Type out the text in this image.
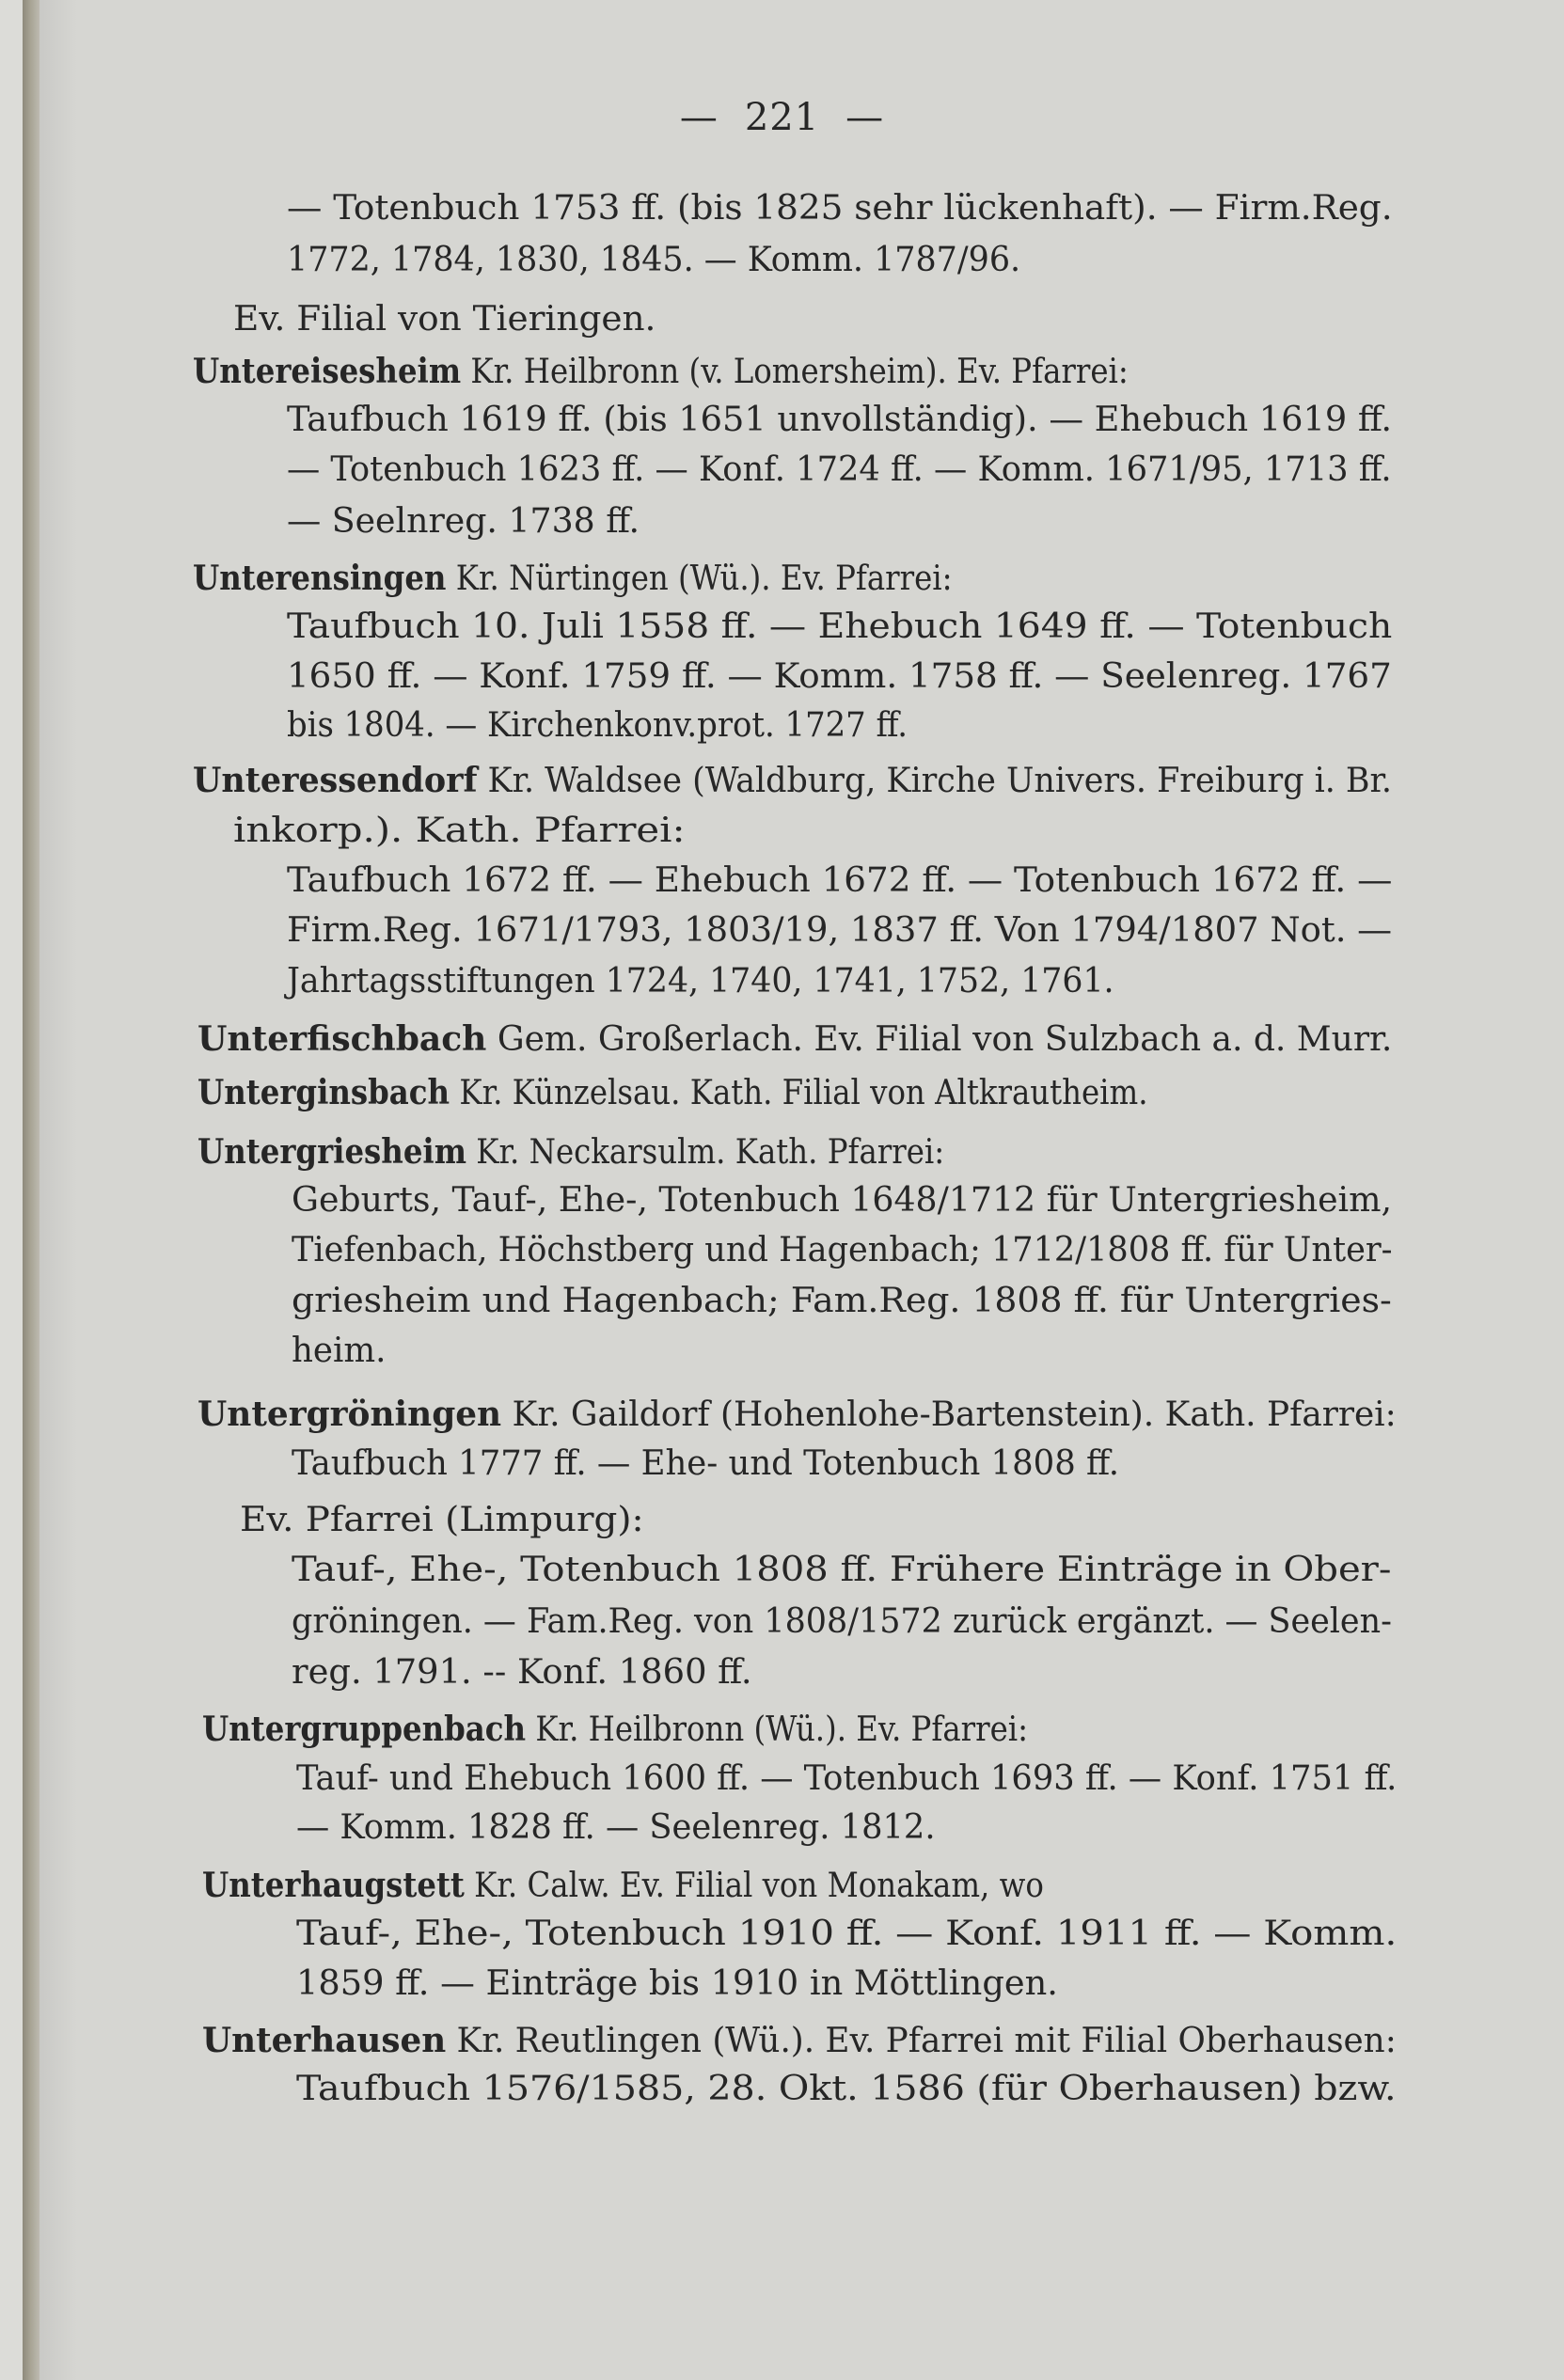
— 221 —
— Totenbuch 1753 ff. (bis 1825 sehr lückenhaft). — Firm.Reg.
1772, 1784, 1830, 1845. — Komm. 1787/96.
Ev. Filial von Tieringen.
Untereisesheim Kr. Heilbronn (v. Lomersheim). Ev. Pfarrei:
Taufbuch 1619 ff. (bis 1651 unvollständig). — Ehebuch 1619 ff.
— Totenbuch 1623 ff. — Konf. 1724 ff. — Komm. 1671/95, 1713 ff.
— Seelnreg. 1738 ff.
Unterensingen Kr. Nürtingen (Wü.). Ev. Pfarrei:
Taufbuch 10. Juli 1558 ff. — Ehebuch 1649 ff. — Totenbuch
1650 ff. — Konf. 1759 ff. — Komm. 1758 ff. — Seelenreg. 1767
bis 1804. — Kirchenkonv.prot. 1727 ff.
Unteressendorf Kr. Waldsee (Waldburg, Kirche Univers. Freiburg i. Br.
inkorp.). Kath. Pfarrei:
Taufbuch 1672 ff. — Ehebuch 1672 ff. — Totenbuch 1672 ff. —
Firm.Reg. 1671/1793, 1803/19, 1837 ff. Von 1794/1807 Not. —
Jahrtagsstiftungen 1724, 1740, 1741, 1752, 1761.
Unterfischbach Gem. Großerlach. Ev. Filial von Sulzbach a. d. Murr.
Unterginsbach Kr. Künzelsau. Kath. Filial von Altkrautheim.
Untergriesheim Kr. Neckarsulm. Kath. Pfarrei:
Geburts, Tauf-, Ehe-, Totenbuch 1648/1712 für Untergriesheim,
Tiefenbach, Höchstberg und Hagenbach; 1712/1808 ff. für Unter-
griesheim und Hagenbach; Fam.Reg. 1808 ff. für Untergries-
heim.
Untergröningen Kr. Gaildorf (Hohenlohe-Bartenstein). Kath. Pfarrei:
Taufbuch 1777 ff. — Ehe- und Totenbuch 1808 ff.
Ev. Pfarrei (Limpurg):
Tauf-, Ehe-, Totenbuch 1808 ff. Frühere Einträge in Ober-
gröningen. — Fam.Reg. von 1808/1572 zurück ergänzt. — Seelen-
reg. 1791. -- Konf. 1860 ff.
Untergruppenbach Kr. Heilbronn (Wü.). Ev. Pfarrei:
Tauf- und Ehebuch 1600 ff. — Totenbuch 1693 ff. — Konf. 1751 ff.
— Komm. 1828 ff. — Seelenreg. 1812.
Unterhaugstett Kr. Calw. Ev. Filial von Monakam, wo
Tauf-, Ehe-, Totenbuch 1910 ff. — Konf. 1911 ff. — Komm.
1859 ff. — Einträge bis 1910 in Möttlingen.
Unterhausen Kr. Reutlingen (Wü.). Ev. Pfarrei mit Filial Oberhausen:
Taufbuch 1576/1585, 28. Okt. 1586 (für Oberhausen) bzw.
